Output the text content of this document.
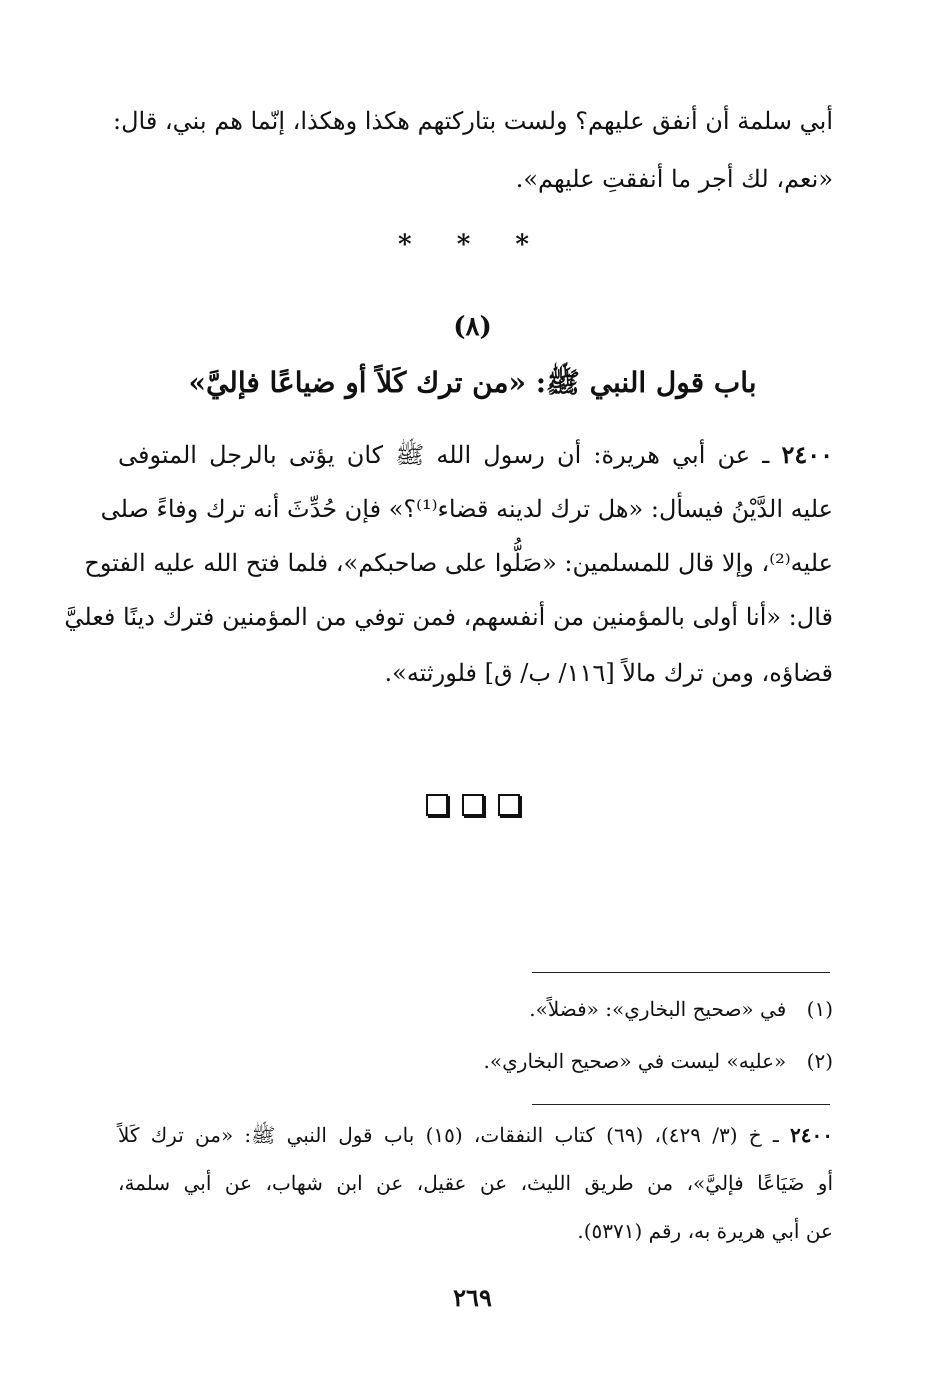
أبي سلمة أن أنفق عليهم؟ ولست بتاركتهم هكذا وهكذا، إنّما هم بني، قال:
«نعم، لك أجر ما أنفقتِ عليهم».
* * *
(٨)
باب قول النبي ﷺ: «من ترك كَلاً أو ضياعًا فإليَّ»
٢٤٠٠ ـ عن أبي هريرة: أن رسول الله ﷺ كان يؤتى بالرجل المتوفى
عليه الدَّيْنُ فيسأل: «هل ترك لدينه قضاء⁽¹⁾؟» فإن حُدِّثَ أنه ترك وفاءً صلى
عليه⁽²⁾، وإلا قال للمسلمين: «صَلُّوا على صاحبكم»، فلما فتح الله عليه الفتوح
قال: «أنا أولى بالمؤمنين من أنفسهم، فمن توفي من المؤمنين فترك دينًا فعليَّ
قضاؤه، ومن ترك مالاً [١١٦/ ب/ ق] فلورثته».
(١) في «صحيح البخاري»: «فضلاً».
(٢) «عليه» ليست في «صحيح البخاري».
٢٤٠٠ ـ خ (٣/ ٤٢٩)، (٦٩) كتاب النفقات، (١٥) باب قول النبي ﷺ: «من ترك كَلاً
أو ضَيَاعًا فإليَّ»، من طريق الليث، عن عقيل، عن ابن شهاب، عن أبي سلمة،
عن أبي هريرة به، رقم (٥٣٧١).
٢٦٩
